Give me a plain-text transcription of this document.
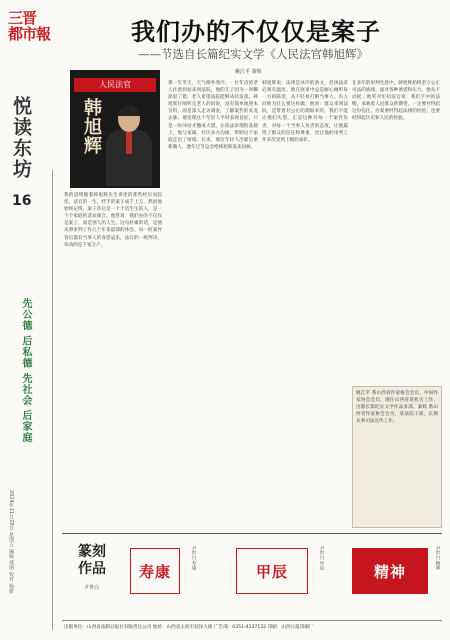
三晋
都市報
悦读东坊
16
先公德 后私德 先社会 后家庭
2024年11月29日 星期五 编辑 郑朋 校对 杨妍
我们办的不仅仅是案子
——节选自长篇纪实文学《人民法官韩旭辉》
姚江平 秦辉
人民法官
韩旭辉
我的思绪随着韩旭辉先生讲述的那些经历而起伏。法官的一生，经手的案子成千上万，然而他始终记得，案子背后是一个个活生生的人，是一个个家庭的悲欢离合。他常说：我们办的不仅仅是案子，而是别人的人生。这句朴素的话，是他从事审判工作几十年来最深的体会。每一桩案件背后都有当事人的喜怒哀乐，法官的一纸判决，牵动的是千家万户。
那一年冬天，天气格外寒冷。一位年迈的老人拄着拐杖来到法院，他的儿子因为一时糊涂犯了错，老人希望法院能够从轻发落。韩旭辉仔细听完老人的诉说，没有简单地照本宣科，而是深入走访调查，了解案件的来龙去脉。他发现这个年轻人平时表现良好，只是一时冲动才酿成大错。在依法审理的基础上，他与家属、社区多方沟通，帮助这个家庭走出了困境。后来，那位年轻人出狱后重新做人，逢年过节总会给韩旭辉发来问候。
韩旭辉说，法律是冰冷的条文，但执法者必须有温度。他在庭审中总是耐心倾听每一方的陈述，从不轻易打断当事人。有人问他为什么要这样做，他说：群众来到法院，是带着对公正的期盼来的，我们不能让他们失望。正是这种对每一个案件负责、对每一个当事人负责的态度，让他赢得了群众的信任和尊重，也让他的审判工作多次受到上级的表彰。
在多年的审判生涯中，韩旭辉始终坚守公正司法的底线。面对各种诱惑和压力，他从不动摇。他常对年轻法官说：我们手中的法槌，承载着人民群众的期望，一定要对得起这份信任。办案要经得起法律的检验，也要经得起历史和人民的检验。

姚江平 系山西省作家协会会员，中国作家协会会员，现任山西省某机关工作，出版长篇纪实文学作品多部。秦辉 系山西省作家协会会员，某法院干部，长期从事司法宣传工作。

篆刻作品
尹世白
寿康
尹世白 寿康
甲辰
尹世白 甲辰
精神
尹世白 精神
出版单位：山西省法制日报社有限责任公司 地址：山西省太原市迎泽大街 广告部：0351-4137132 印刷：山西日报印刷厂
